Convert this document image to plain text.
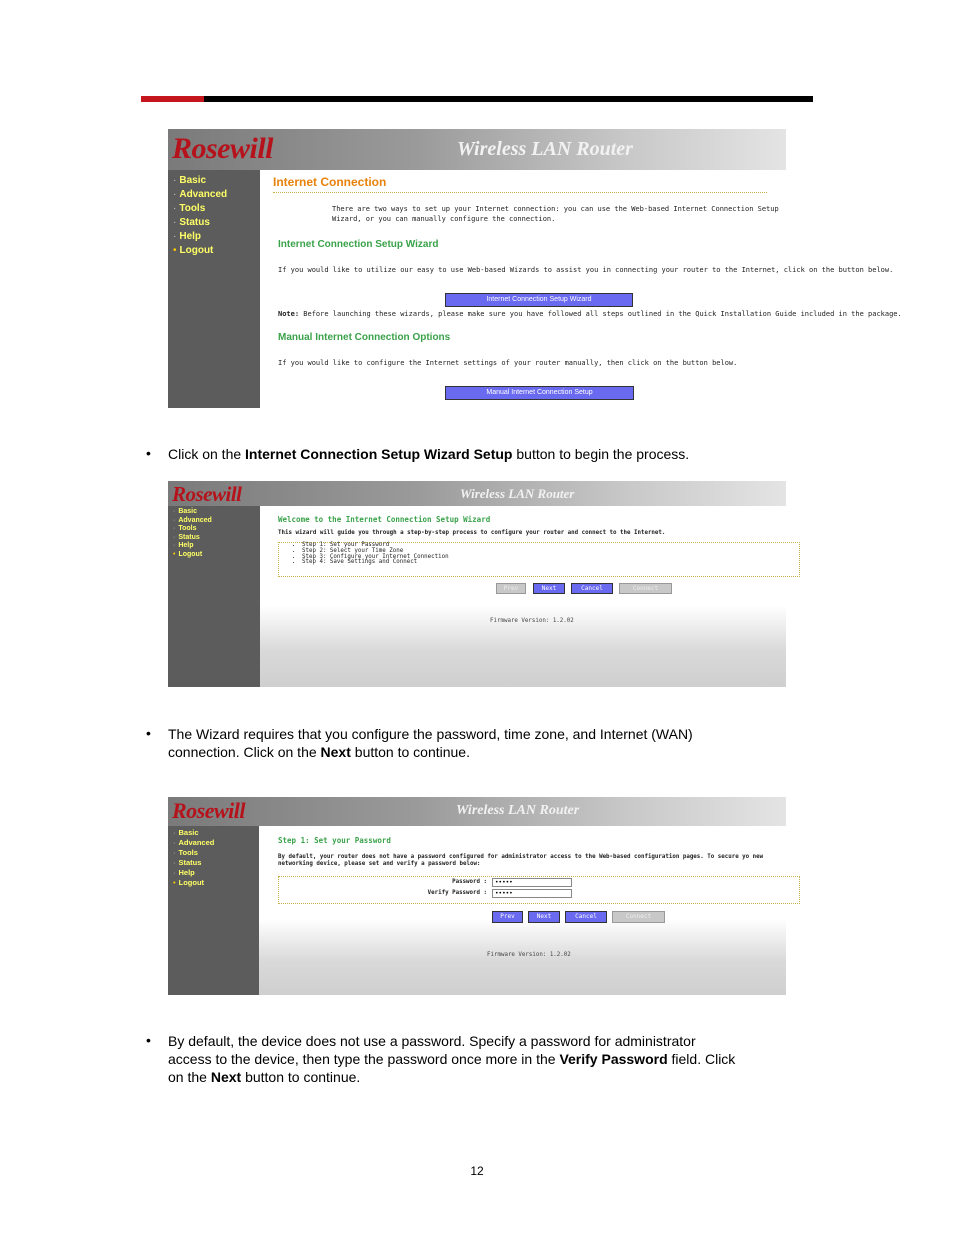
Rosewill	Wireless LAN Router
· Basic
· Advanced
· Tools
· Status
· Help
• Logout
Internet Connection
There are two ways to set up your Internet connection: you can use the Web-based Internet Connection Setup Wizard, or you can manually configure the connection.
Internet Connection Setup Wizard
If you would like to utilize our easy to use Web-based Wizards to assist you in connecting your router to the Internet, click on the button below.
Internet Connection Setup Wizard
Note: Before launching these wizards, please make sure you have followed all steps outlined in the Quick Installation Guide included in the package.
Manual Internet Connection Options
If you would like to configure the Internet settings of your router manually, then click on the button below.
Manual Internet Connection Setup
• Click on the Internet Connection Setup Wizard Setup button to begin the process.
Rosewill	Wireless LAN Router
· Basic
· Advanced
· Tools
· Status
· Help
• Logout
Welcome to the Internet Connection Setup Wizard
This wizard will guide you through a step-by-step process to configure your router and connect to the Internet.
• Step 1: Set your Password
• Step 2: Select your Time Zone
• Step 3: Configure your Internet Connection
• Step 4: Save Settings and Connect
Prev	Next	Cancel	Connect
Firmware Version: 1.2.02
• The Wizard requires that you configure the password, time zone, and Internet (WAN)
connection. Click on the Next button to continue.
Rosewill	Wireless LAN Router
· Basic
· Advanced
· Tools
· Status
· Help
• Logout
Step 1: Set your Password
By default, your router does not have a password configured for administrator access to the Web-based configuration pages. To secure yo new networking device, please set and verify a password below:
Password :
•••••
Verify Password :
•••••
Prev	Next	Cancel	Connect
Firmware Version: 1.2.02
• By default, the device does not use a password. Specify a password for administrator
access to the device, then type the password once more in the Verify Password field. Click
on the Next button to continue.
12
